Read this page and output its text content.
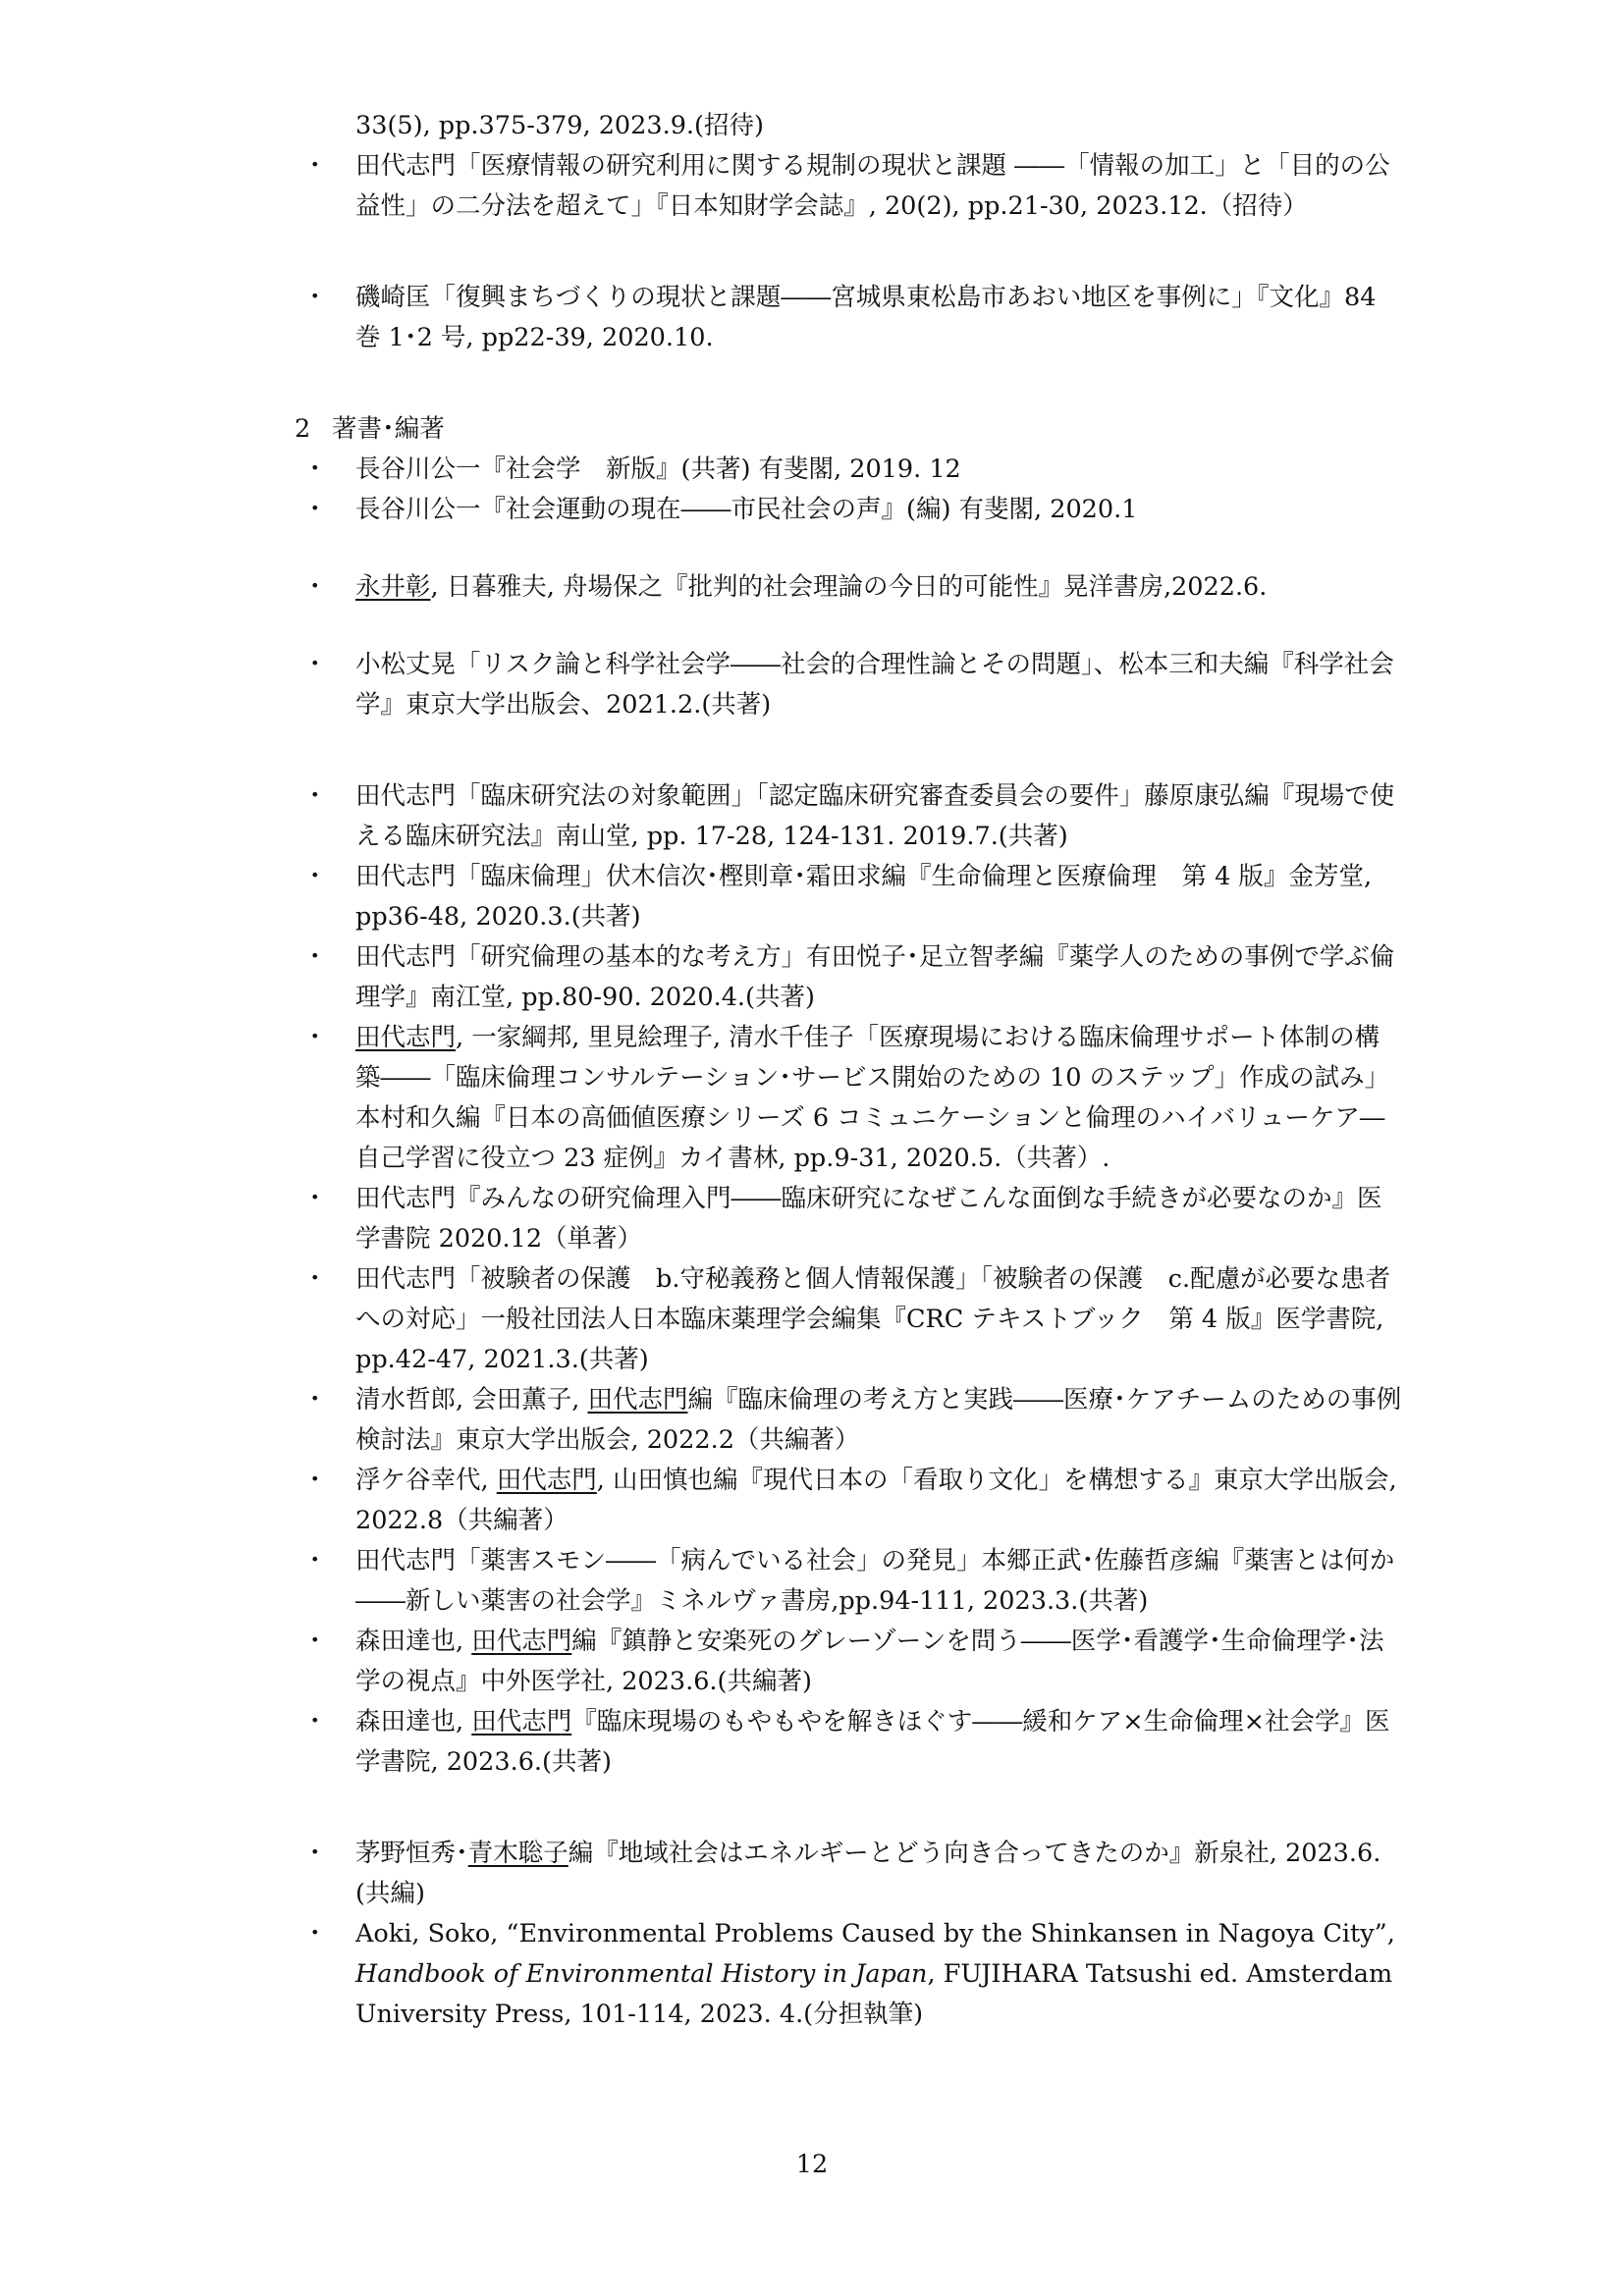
33(5), pp.375-379, 2023.9.(招待)
・ 田代志門「医療情報の研究利用に関する規制の現状と課題 ――「情報の加工」と「目的の公益性」の二分法を超えて」『日本知財学会誌』, 20(2), pp.21-30, 2023.12.（招待）
・ 磯崎匡「復興まちづくりの現状と課題――宮城県東松島市あおい地区を事例に」『文化』84 巻 1･2 号, pp22-39, 2020.10.
2 著書･編著
・ 長谷川公一『社会学　新版』(共著) 有斐閣, 2019. 12
・ 長谷川公一『社会運動の現在――市民社会の声』(編) 有斐閣, 2020.1
・ 永井彰, 日暮雅夫, 舟場保之『批判的社会理論の今日的可能性』晃洋書房,2022.6.
・ 小松丈晃「リスク論と科学社会学――社会的合理性論とその問題」、松本三和夫編『科学社会学』東京大学出版会、2021.2.(共著)
・ 田代志門「臨床研究法の対象範囲」「認定臨床研究審査委員会の要件」藤原康弘編『現場で使える臨床研究法』南山堂, pp. 17-28, 124-131. 2019.7.(共著)
・ 田代志門「臨床倫理」伏木信次･樫則章･霜田求編『生命倫理と医療倫理　第 4 版』金芳堂, pp36-48, 2020.3.(共著)
・ 田代志門「研究倫理の基本的な考え方」有田悦子･足立智孝編『薬学人のための事例で学ぶ倫理学』南江堂, pp.80-90. 2020.4.(共著)
・ 田代志門, 一家綱邦, 里見絵理子, 清水千佳子「医療現場における臨床倫理サポート体制の構築――「臨床倫理コンサルテーション･サービス開始のための 10 のステップ」作成の試み」本村和久編『日本の高価値医療シリーズ 6 コミュニケーションと倫理のハイバリューケア―自己学習に役立つ 23 症例』カイ書林, pp.9-31, 2020.5.（共著）.
・ 田代志門『みんなの研究倫理入門――臨床研究になぜこんな面倒な手続きが必要なのか』医学書院 2020.12（単著）
・ 田代志門「被験者の保護　b.守秘義務と個人情報保護」「被験者の保護　c.配慮が必要な患者への対応」一般社団法人日本臨床薬理学会編集『CRC テキストブック　第 4 版』医学書院, pp.42-47, 2021.3.(共著)
・ 清水哲郎, 会田薫子, 田代志門編『臨床倫理の考え方と実践――医療･ケアチームのための事例検討法』東京大学出版会, 2022.2（共編著）
・ 浮ケ谷幸代, 田代志門, 山田慎也編『現代日本の「看取り文化」を構想する』東京大学出版会, 2022.8（共編著）
・ 田代志門「薬害スモン――「病んでいる社会」の発見」本郷正武･佐藤哲彦編『薬害とは何か――新しい薬害の社会学』ミネルヴァ書房,pp.94-111, 2023.3.(共著)
・ 森田達也, 田代志門編『鎮静と安楽死のグレーゾーンを問う――医学･看護学･生命倫理学･法学の視点』中外医学社, 2023.6.(共編著)
・ 森田達也, 田代志門『臨床現場のもやもやを解きほぐす――緩和ケア×生命倫理×社会学』医学書院, 2023.6.(共著)
・ 茅野恒秀･青木聡子編『地域社会はエネルギーとどう向き合ってきたのか』新泉社, 2023.6.(共編)
・ Aoki, Soko, “Environmental Problems Caused by the Shinkansen in Nagoya City”, Handbook of Environmental History in Japan, FUJIHARA Tatsushi ed. Amsterdam University Press, 101-114, 2023. 4.(分担執筆)
12
